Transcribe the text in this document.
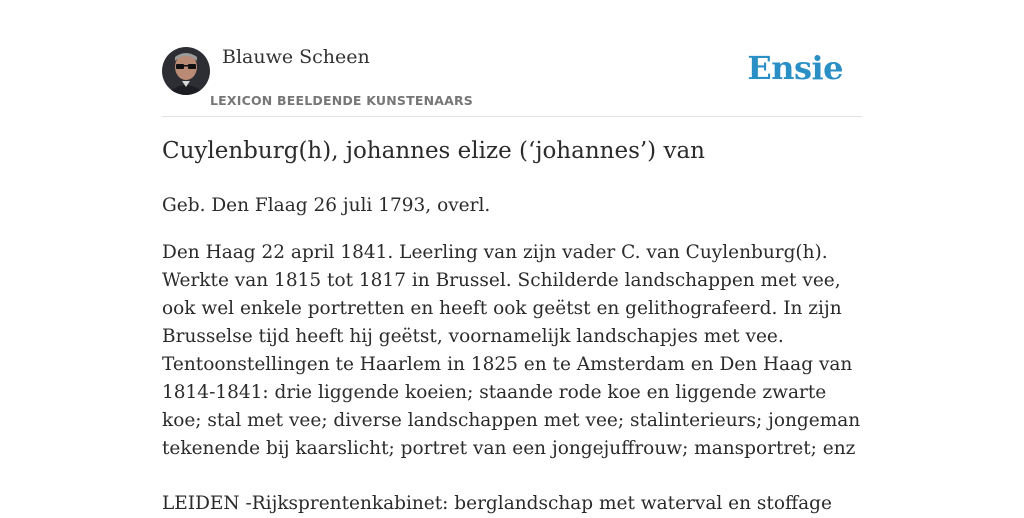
Blauwe Scheen
LEXICON BEELDENDE KUNSTENAARS
Ensie
Cuylenburg(h), johannes elize (‘johannes’) van

Geb. Den Flaag 26 juli 1793, overl.

Den Haag 22 april 1841. Leerling van zijn vader C. van Cuylenburg(h). Werkte van 1815 tot 1817 in Brussel. Schilderde landschappen met vee, ook wel enkele portretten en heeft ook geëtst en gelithografeerd. In zijn Brusselse tijd heeft hij geëtst, voornamelijk landschapjes met vee. Tentoonstellingen te Haarlem in 1825 en te Amsterdam en Den Haag van 1814-1841: drie liggende koeien; staande rode koe en liggende zwarte koe; stal met vee; diverse landschappen met vee; stalinterieurs; jongeman tekenende bij kaarslicht; portret van een jongejuffrouw; mansportret; enz

LEIDEN -Rijksprentenkabinet: berglandschap met waterval en stoffage
